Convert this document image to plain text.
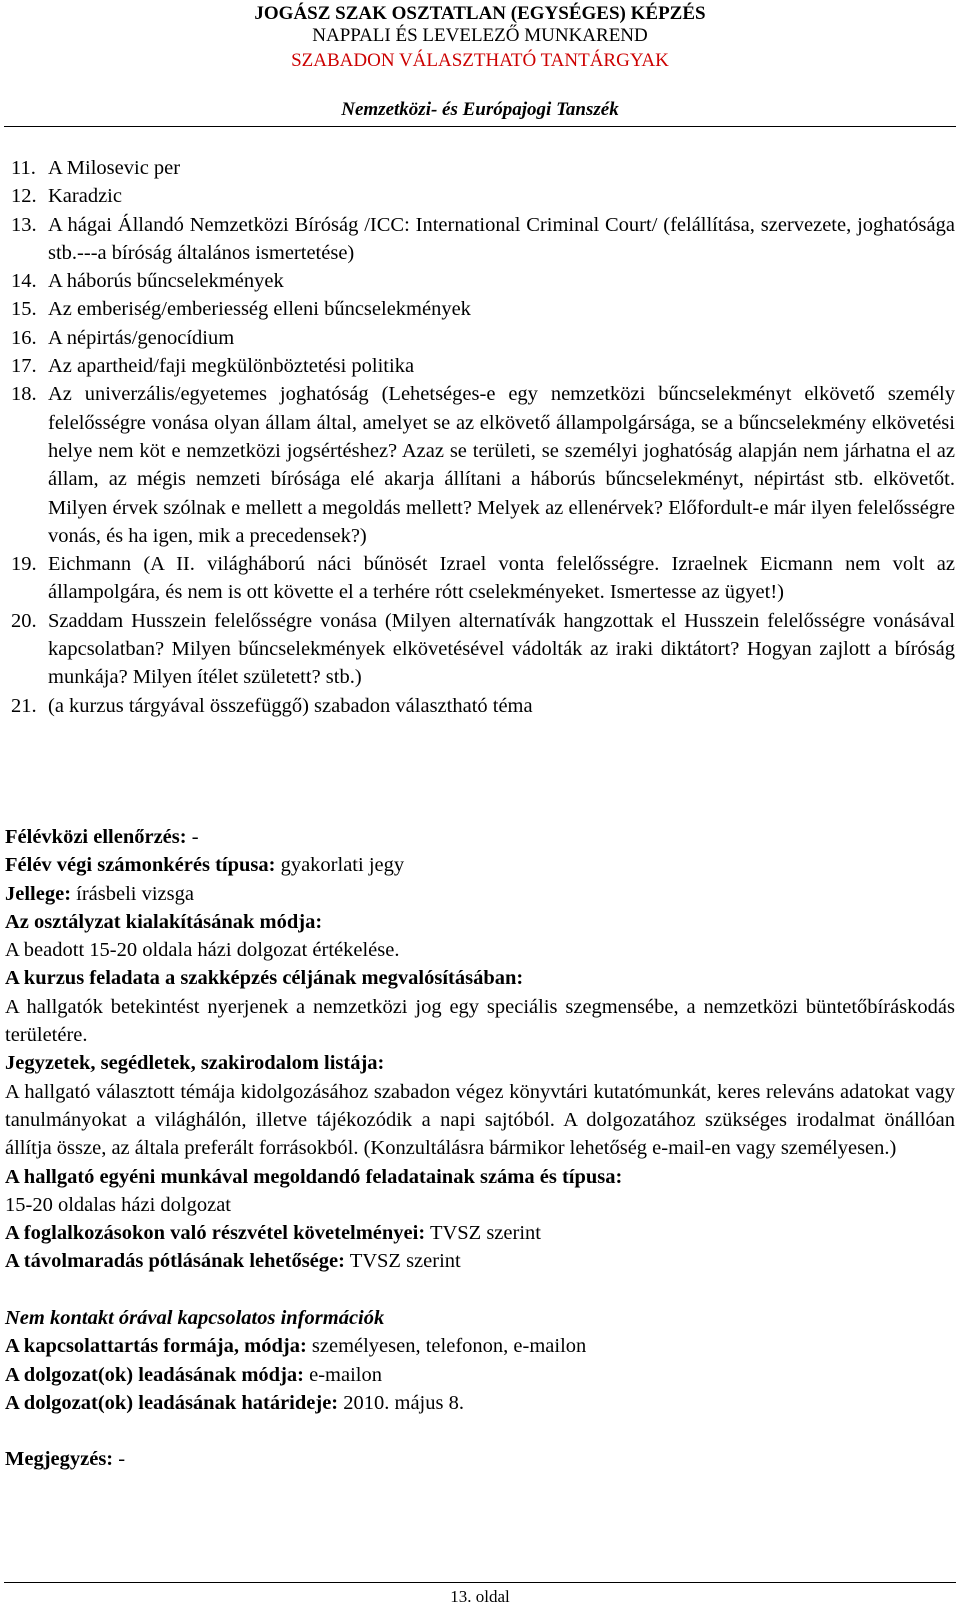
JOGÁSZ SZAK OSZTATLAN (EGYSÉGES) KÉPZÉS
NAPPALI ÉS LEVELEZŐ MUNKAREND
SZABADON VÁLASZTHATÓ TANTÁRGYAK
Nemzetközi- és Európajogi Tanszék
11. A Milosevic per
12. Karadzic
13. A hágai Állandó Nemzetközi Bíróság /ICC: International Criminal Court/ (felállítása, szervezete, joghatósága stb.---a bíróság általános ismertetése)
14. A háborús bűncselekmények
15. Az emberiség/emberiesség elleni bűncselekmények
16. A népirtás/genocídium
17. Az apartheid/faji megkülönböztetési politika
18. Az univerzális/egyetemes joghatóság (Lehetséges-e egy nemzetközi bűncselekményt elkövető személy felelősségre vonása olyan állam által, amelyet se az elkövető állampolgársága, se a bűncselekmény elkövetési helye nem köt e nemzetközi jogsértéshez? Azaz se területi, se személyi joghatóság alapján nem járhatna el az állam, az mégis nemzeti bírósága elé akarja állítani a háborús bűncselekményt, népirtást stb. elkövetőt. Milyen érvek szólnak e mellett a megoldás mellett? Melyek az ellenérvek? Előfordult-e már ilyen felelősségre vonás, és ha igen, mik a precedensek?)
19. Eichmann (A II. világháború náci bűnösét Izrael vonta felelősségre. Izraelnek Eicmann nem volt az állampolgára, és nem is ott követte el a terhére rótt cselekményeket. Ismertesse az ügyet!)
20. Szaddam Husszein felelősségre vonása (Milyen alternatívák hangzottak el Husszein felelősségre vonásával kapcsolatban? Milyen bűncselekmények elkövetésével vádolták az iraki diktátort? Hogyan zajlott a bíróság munkája? Milyen ítélet született? stb.)
21. (a kurzus tárgyával összefüggő) szabadon választható téma

Félévközi ellenőrzés: -

Félév végi számonkérés típusa: gyakorlati jegy

Jellege: írásbeli vizsga

Az osztályzat kialakításának módja:

A beadott 15-20 oldala házi dolgozat értékelése.

A kurzus feladata a szakképzés céljának megvalósításában:

A hallgatók betekintést nyerjenek a nemzetközi jog egy speciális szegmensébe, a nemzetközi büntetőbíráskodás területére.

Jegyzetek, segédletek, szakirodalom listája:

A hallgató választott témája kidolgozásához szabadon végez könyvtári kutatómunkát, keres releváns adatokat vagy tanulmányokat a világhálón, illetve tájékozódik a napi sajtóból. A dolgozatához szükséges irodalmat önállóan állítja össze, az általa preferált forrásokból. (Konzultálásra bármikor lehetőség e-mail-en vagy személyesen.)

A hallgató egyéni munkával megoldandó feladatainak száma és típusa:

15-20 oldalas házi dolgozat

A foglalkozásokon való részvétel követelményei: TVSZ szerint

A távolmaradás pótlásának lehetősége: TVSZ szerint

Nem kontakt órával kapcsolatos információk

A kapcsolattartás formája, módja: személyesen, telefonon, e-mailon

A dolgozat(ok) leadásának módja: e-mailon

A dolgozat(ok) leadásának határideje: 2010. május 8.

Megjegyzés: -

13. oldal
